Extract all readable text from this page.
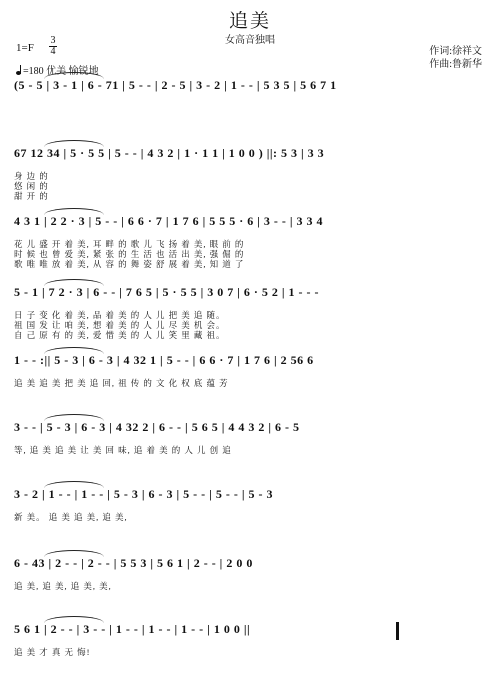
追美
女高音独唱
1=F
3
4
=180 优美 愉锐地
作词:徐祥文
作曲:鲁新华
(5 - 5 | 3 - 1 | 6 - 71 | 5 - - | 2 - 5 | 3 - 2 | 1 - - | 5 3 5 | 5 6 7 1
67 12 34 | 5 · 5 5 | 5 - - | 4 3 2 | 1 · 1 1 | 1 0 0 ) ||: 5 3 | 3 3
身 边 的
悠 闲 的
甜 开 的
4 3 1 | 2 2 · 3 | 5 - - | 6 6 · 7 | 1 7 6 | 5 5 5 · 6 | 3 - - | 3 3 4
花 儿 盛 开 着 美, 耳 畔 的 歌 儿 飞 扬 着 美, 眼 前 的
时 候 也 曾 爱 美, 紧 张 的 生 活 也 活 出 美, 强 倔 的
歌 唯 唯 放 着 美, 从 容 的 舞 姿 舒 展 着 美, 知 道 了
5 - 1 | 7 2 · 3 | 6 - - | 7 6 5 | 5 · 5 5 | 3 0 7 | 6 · 5 2 | 1 - - -
日 子 变 化 着 美, 品 着 美 的 人 儿 把 美 追 随。
祖 国 发 让 咱 美, 想 着 美 的 人 儿 尽 美 机 会。
自 己 原 有 的 美, 爱 惜 美 的 人 儿 笑 里 藏 祖。
1 - - :|| 5 - 3 | 6 - 3 | 4 32 1 | 5 - - | 6 6 · 7 | 1 7 6 | 2 56 6
追 美 追 美 把 美 追 回, 祖 传 的 文 化 权 底 蕴 芳
3 - - | 5 - 3 | 6 - 3 | 4 32 2 | 6 - - | 5 6 5 | 4 4 3 2 | 6 - 5
等, 追 美 追 美 让 美 回 味, 追 着 美 的 人 儿 创 追
3 - 2 | 1 - - | 1 - - | 5 - 3 | 6 - 3 | 5 - - | 5 - - | 5 - 3
新 美。 追 美 追 美, 追 美,
6 - 43 | 2 - - | 2 - - | 5 5 3 | 5 6 1 | 2 - - | 2 0 0
追 美, 追 美, 追 美, 美,
5 6 1 | 2 - - | 3 - - | 1 - - | 1 - - | 1 - - | 1 0 0 ||
追 美 才 真 无 悔!
